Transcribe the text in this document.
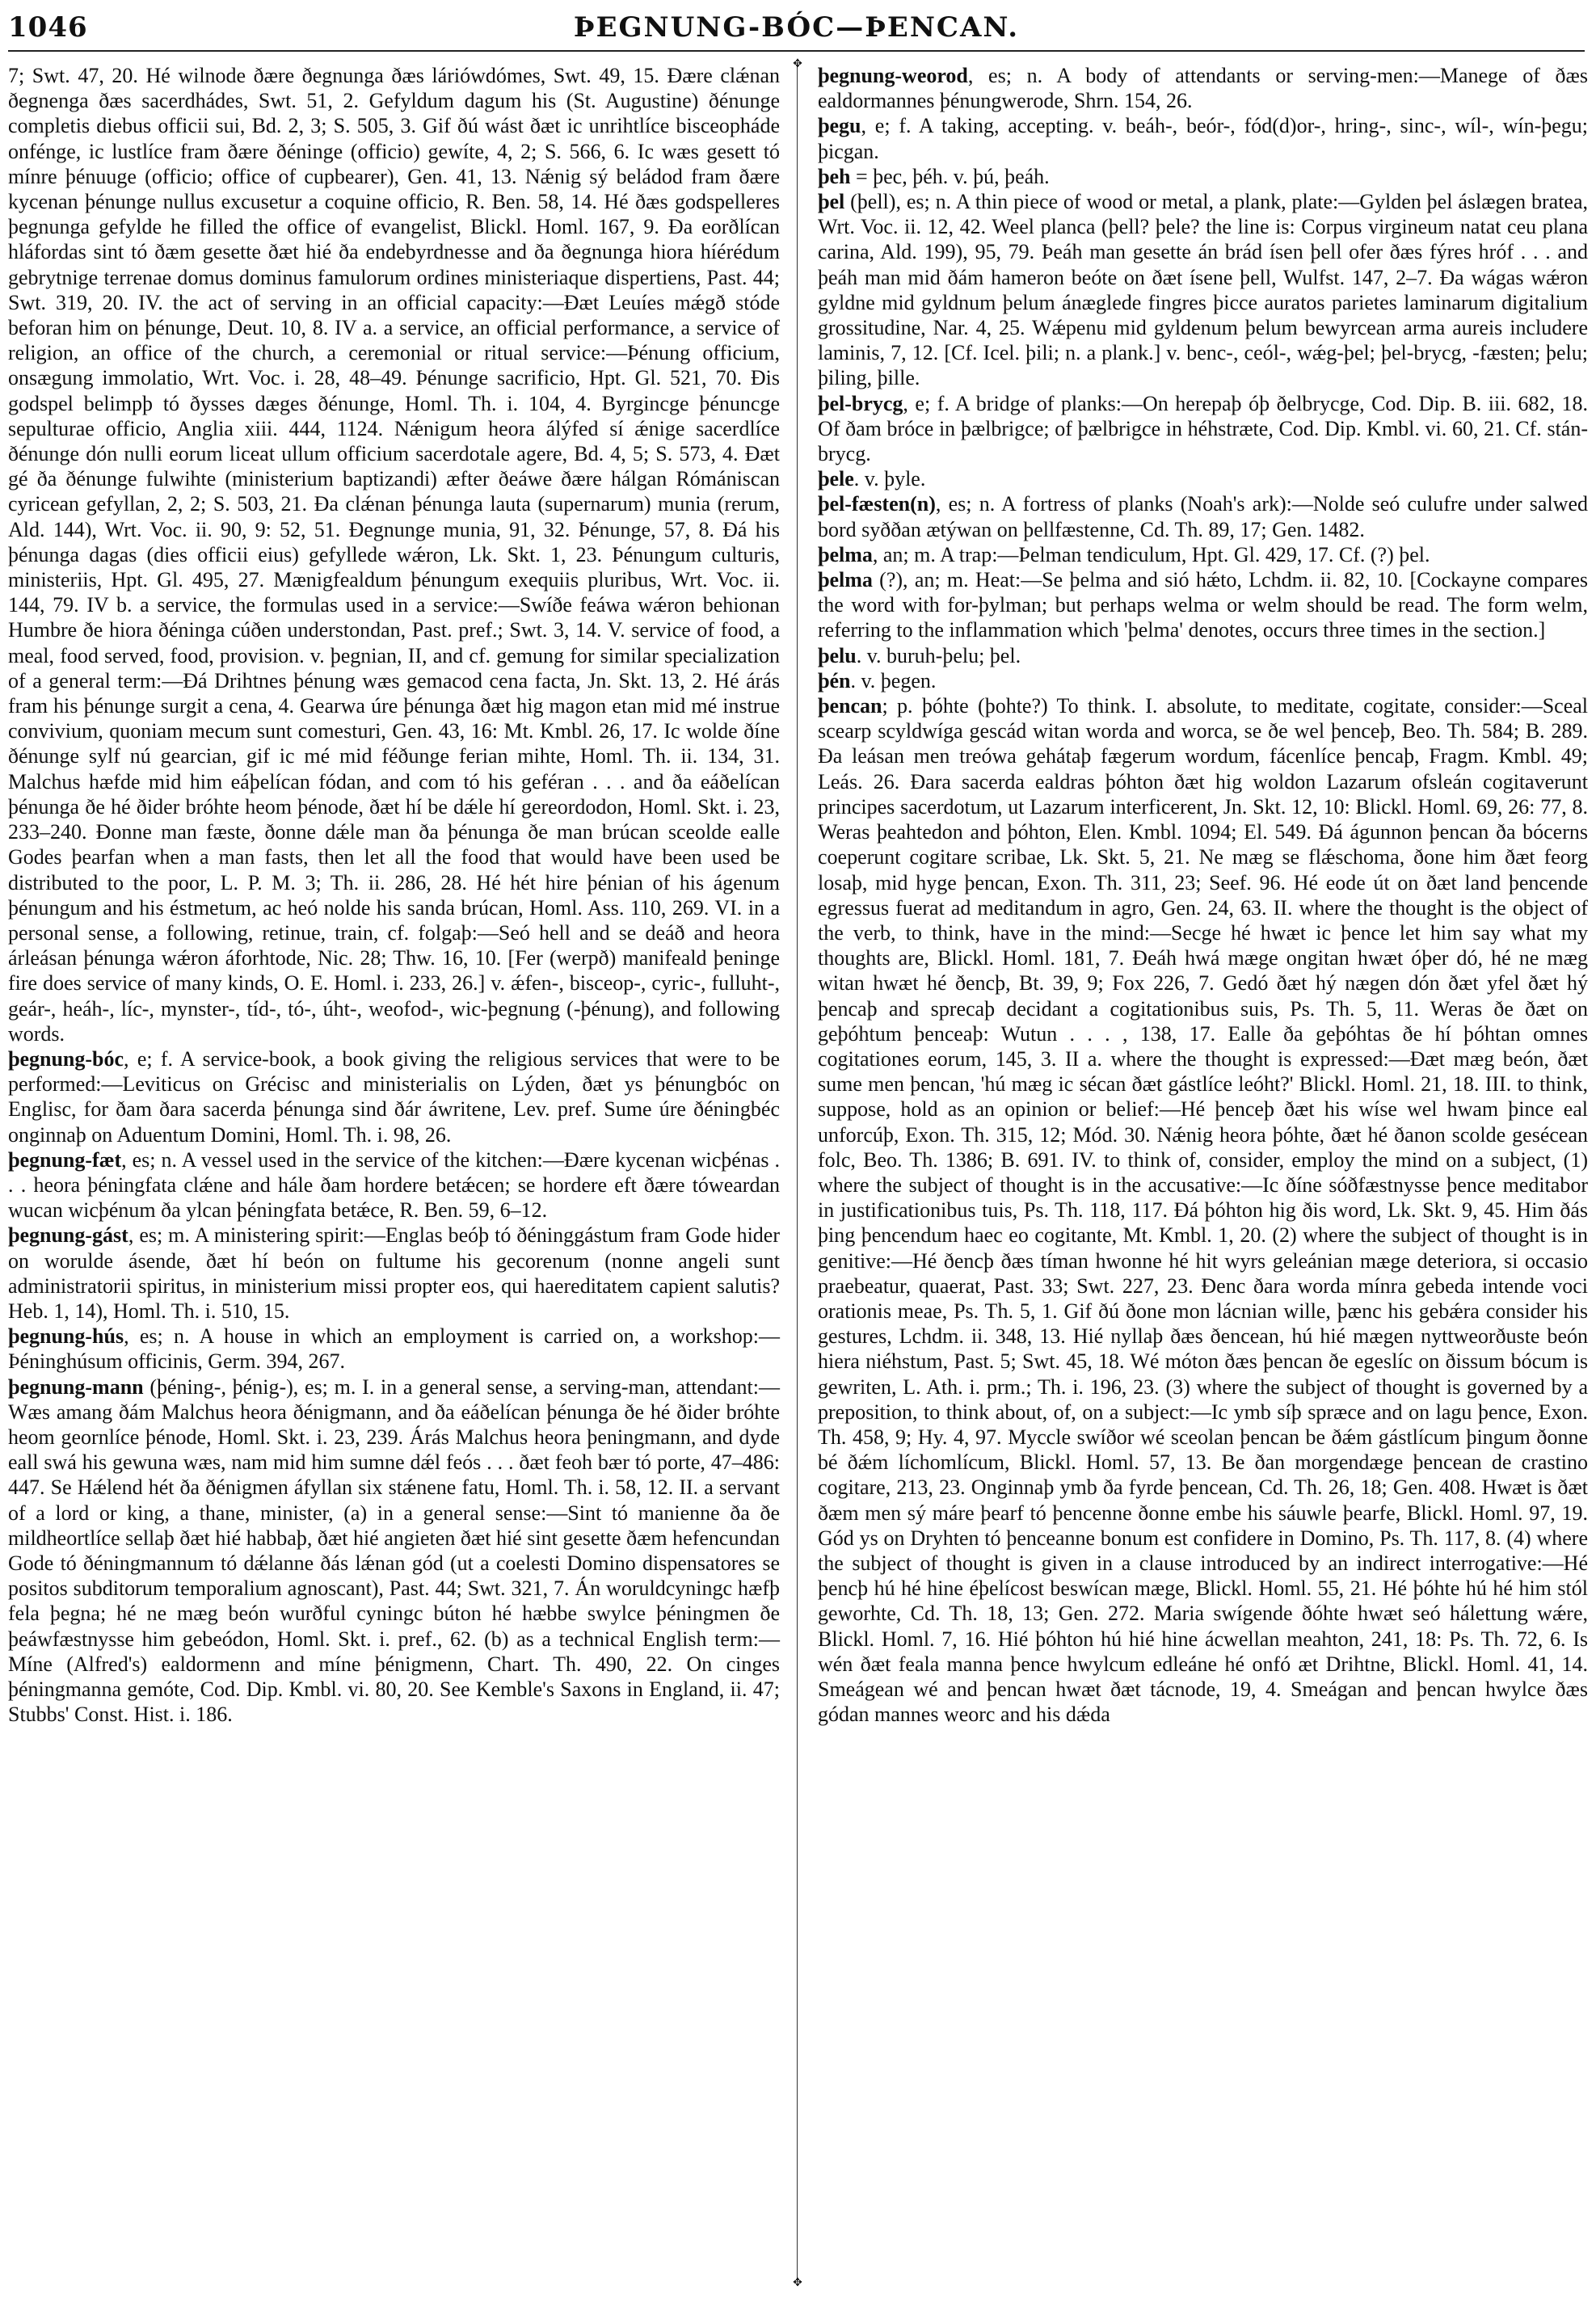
1046	ÞEGNUNG-BÓC—ÞENCAN.
✥
✥

7; Swt. 47, 20. Hé wilnode ðære ðegnunga ðæs láriówdómes, Swt. 49, 15. Ðære clǽnan ðegnenga ðæs sacerdhádes, Swt. 51, 2. Gefyldum dagum his (St. Augustine) ðénunge completis diebus officii sui, Bd. 2, 3; S. 505, 3. Gif ðú wást ðæt ic unrihtlíce bisceophádе onfénge, ic lustlíce fram ðære ðéninge (officio) gewíte, 4, 2; S. 566, 6. Ic wæs gesett tó mínre þénuuge (officio; office of cupbearer), Gen. 41, 13. Nǽnig sý beládod fram ðære kycenan þénunge nullus excusetur a coquine officio, R. Ben. 58, 14. Hé ðæs godspelleres þegnunga gefylde he filled the office of evangelist, Blickl. Homl. 167, 9. Ða eorðlícan hláfordas sint tó ðæm gesette ðæt hié ða endebyrdnesse and ða ðegnunga hiora híérédum gebrytnige terrenae domus dominus famulorum ordines ministeriaque dispertiens, Past. 44; Swt. 319, 20. IV. the act of serving in an official capacity:—Ðæt Leuíes mǽgð stóde beforan him on þénunge, Deut. 10, 8. IV a. a service, an official performance, a service of religion, an office of the church, a ceremonial or ritual service:—Þénung officium, onsægung immolatio, Wrt. Voc. i. 28, 48–49. Þénunge sacrificio, Hpt. Gl. 521, 70. Ðis godspel belimpþ tó ðysses dæges ðénunge, Homl. Th. i. 104, 4. Byrgincge þénuncge sepulturae officio, Anglia xiii. 444, 1124. Nǽnigum heora álýfed sí ǽnige sacerdlíce ðénunge dón nulli eorum liceat ullum officium sacerdotale agere, Bd. 4, 5; S. 573, 4. Ðæt gé ða ðénunge fulwihte (ministerium baptizandi) æfter ðeáwe ðære hálgan Rómániscan cyricean gefyllan, 2, 2; S. 503, 21. Ða clǽnan þénunga lauta (supernarum) munia (rerum, Ald. 144), Wrt. Voc. ii. 90, 9: 52, 51. Ðegnunge munia, 91, 32. Þénunge, 57, 8. Ðá his þénunga dagas (dies officii eius) gefyllede wǽron, Lk. Skt. 1, 23. Þénungum culturis, ministeriis, Hpt. Gl. 495, 27. Mænigfealdum þénungum exequiis pluribus, Wrt. Voc. ii. 144, 79. IV b. a service, the formulas used in a service:—Swíðe feáwa wǽron behionan Humbre ðe hiora ðéninga cúðen understondan, Past. pref.; Swt. 3, 14. V. service of food, a meal, food served, food, provision. v. þegnian, II, and cf. gemung for similar specialization of a general term:—Ðá Drihtnes þénung wæs gemacod cena facta, Jn. Skt. 13, 2. Hé árás fram his þénunge surgit a cena, 4. Gearwa úre þénunga ðæt hig magon etan mid mé instrue convivium, quoniam mecum sunt comesturi, Gen. 43, 16: Mt. Kmbl. 26, 17. Ic wolde ðíne ðénunge sylf nú gearcian, gif ic mé mid féðunge ferian mihte, Homl. Th. ii. 134, 31. Malchus hæfde mid him eáþelícan fódan, and com tó his geféran . . . and ða eáðelícan þénunga ðe hé ðider bróhte heom þénode, ðæt hí be dǽle hí gereordodon, Homl. Skt. i. 23, 233–240. Ðonne man fæste, ðonne dǽle man ða þénunga ðe man brúcan sceolde ealle Godes þearfan when a man fasts, then let all the food that would have been used be distributed to the poor, L. P. M. 3; Th. ii. 286, 28. Hé hét hire þénian of his ágenum þénungum and his éstmetum, ac heó nolde his sanda brúcan, Homl. Ass. 110, 269. VI. in a personal sense, a following, retinue, train, cf. folgaþ:—Seó hell and se deáð and heora árleásan þénunga wǽron áforhtode, Nic. 28; Thw. 16, 10. [Fer (werpð) manifeald þeninge fire does service of many kinds, O. E. Homl. i. 233, 26.] v. ǽfen-, bisceop-, cyric-, fulluht-, geár-, heáh-, líc-, mynster-, tíd-, tó-, úht-, weofod-, wic-þegnung (-þénung), and following words.

þegnung-bóc, e; f. A service-book, a book giving the religious services that were to be performed:—Leviticus on Grécisc and ministerialis on Lýden, ðæt ys þénungbóc on Englisc, for ðam ðara sacerda þénunga sind ðár áwritene, Lev. pref. Sume úre ðéningbéc onginnaþ on Aduentum Domini, Homl. Th. i. 98, 26.

þegnung-fæt, es; n. A vessel used in the service of the kitchen:—Ðære kycenan wicþénas . . . heora þéningfata clǽne and hále ðam hordere betǽcen; se hordere eft ðære tóweardan wucan wicþénum ða ylcan þéningfata betǽce, R. Ben. 59, 6–12.

þegnung-gást, es; m. A ministering spirit:—Englas beóþ tó ðéninggástum fram Gode hider on worulde ásende, ðæt hí beón on fultume his gecorenum (nonne angeli sunt administratorii spiritus, in ministerium missi propter eos, qui haereditatem capient salutis? Heb. 1, 14), Homl. Th. i. 510, 15.

þegnung-hús, es; n. A house in which an employment is carried on, a workshop:—Þéninghúsum officinis, Germ. 394, 267.

þegnung-mann (þéning-, þénig-), es; m. I. in a general sense, a serving-man, attendant:—Wæs amang ðám Malchus heora ðénigmann, and ða eáðelícan þénunga ðe hé ðider bróhte heom geornlíce þénode, Homl. Skt. i. 23, 239. Árás Malchus heora þeningmann, and dyde eall swá his gewuna wæs, nam mid him sumne dǽl feós . . . ðæt feoh bær tó porte, 47–486: 447. Se Hǽlend hét ða ðénigmen áfyllan six stǽnene fatu, Homl. Th. i. 58, 12. II. a servant of a lord or king, a thane, minister, (a) in a general sense:—Sint tó manienne ða ðe mildheortlíce sellaþ ðæt hié habbaþ, ðæt hié angieten ðæt hié sint gesette ðæm hefencundan Gode tó ðéningmannum tó dǽlanne ðás lǽnan gód (ut a coelesti Domino dispensatores se positos subditorum temporalium agnoscant), Past. 44; Swt. 321, 7. Án woruldcyningc hæfþ fela þegna; hé ne mæg beón wurðful cyningc búton hé hæbbe swylce þéningmen ðe þeáwfæstnysse him gebeódon, Homl. Skt. i. pref., 62. (b) as a technical English term:—Míne (Alfred's) ealdormenn and míne þénigmenn, Chart. Th. 490, 22. On cinges þéningmanna gemóte, Cod. Dip. Kmbl. vi. 80, 20. See Kemble's Saxons in England, ii. 47; Stubbs' Const. Hist. i. 186.

þegnung-weorod, es; n. A body of attendants or serving-men:—Manege of ðæs ealdormannes þénungwerode, Shrn. 154, 26.

þegu, e; f. A taking, accepting. v. beáh-, beór-, fód(d)or-, hring-, sinc-, wíl-, wín-þegu; þicgan.

þeh = þec, þéh. v. þú, þeáh.

þel (þell), es; n. A thin piece of wood or metal, a plank, plate:—Gylden þel áslægen bratea, Wrt. Voc. ii. 12, 42. Weel planca (þell? þele? the line is: Corpus virgineum natat ceu plana carina, Ald. 199), 95, 79. Þeáh man gesette án brád ísen þell ofer ðæs fýres hróf . . . and þeáh man mid ðám hameron beóte on ðæt ísene þell, Wulfst. 147, 2–7. Ða wágas wǽron gyldne mid gyldnum þelum ánæglede fingres þicce auratos parietes laminarum digitalium grossitudine, Nar. 4, 25. Wǽpenu mid gyldenum þelum bewyrcean arma aureis includere laminis, 7, 12. [Cf. Icel. þili; n. a plank.] v. benc-, ceól-, wǽg-þel; þel-brycg, -fæsten; þelu; þiling, þille.

þel-brycg, e; f. A bridge of planks:—On herepaþ óþ ðelbrycge, Cod. Dip. B. iii. 682, 18. Of ðam bróce in þælbrigce; of þælbrigce in héhstræte, Cod. Dip. Kmbl. vi. 60, 21. Cf. stán-brycg.

þele. v. þyle.

þel-fæsten(n), es; n. A fortress of planks (Noah's ark):—Nolde seó culufre under salwed bord syððan ætýwan on þellfæstenne, Cd. Th. 89, 17; Gen. 1482.

þelma, an; m. A trap:—Þelman tendiculum, Hpt. Gl. 429, 17. Cf. (?) þel.

þelma (?), an; m. Heat:—Se þelma and sió hǽto, Lchdm. ii. 82, 10. [Cockayne compares the word with for-þylman; but perhaps welma or welm should be read. The form welm, referring to the inflammation which 'þelma' denotes, occurs three times in the section.]

þelu. v. buruh-þelu; þel.

þén. v. þegen.

þencan; p. þóhte (þohte?) To think. I. absolute, to meditate, cogitate, consider:—Sceal scearp scyldwíga gescád witan worda and worca, se ðe wel þenceþ, Beo. Th. 584; B. 289. Ða leásan men treówa gehátaþ fægerum wordum, fácenlíce þencaþ, Fragm. Kmbl. 49; Leás. 26. Ðara sacerda ealdras þóhton ðæt hig woldon Lazarum ofsleán cogitaverunt principes sacerdotum, ut Lazarum interficerent, Jn. Skt. 12, 10: Blickl. Homl. 69, 26: 77, 8. Weras þeahtedon and þóhton, Elen. Kmbl. 1094; El. 549. Ðá águnnon þencan ða bócerns coeperunt cogitare scribae, Lk. Skt. 5, 21. Ne mæg se flǽschoma, ðone him ðæt feorg losaþ, mid hyge þencan, Exon. Th. 311, 23; Seef. 96. Hé eode út on ðæt land þencende egressus fuerat ad meditandum in agro, Gen. 24, 63. II. where the thought is the object of the verb, to think, have in the mind:—Secge hé hwæt ic þence let him say what my thoughts are, Blickl. Homl. 181, 7. Ðeáh hwá mæge ongitan hwæt óþer dó, hé ne mæg witan hwæt hé ðencþ, Bt. 39, 9; Fox 226, 7. Gedó ðæt hý nægen dón ðæt yfel ðæt hý þencaþ and sprecaþ decidant a cogitationibus suis, Ps. Th. 5, 11. Weras ðe ðæt on geþóhtum þenceaþ: Wutun . . . , 138, 17. Ealle ða geþóhtas ðe hí þóhtan omnes cogitationes eorum, 145, 3. II a. where the thought is expressed:—Ðæt mæg beón, ðæt sume men þencan, 'hú mæg ic sécan ðæt gástlíce leóht?' Blickl. Homl. 21, 18. III. to think, suppose, hold as an opinion or belief:—Hé þenceþ ðæt his wíse wel hwam þince eal unforcúþ, Exon. Th. 315, 12; Mód. 30. Nǽnig heora þóhte, ðæt hé ðanon scolde gesécean folc, Beo. Th. 1386; B. 691. IV. to think of, consider, employ the mind on a subject, (1) where the subject of thought is in the accusative:—Ic ðíne sóðfæstnysse þence meditabor in justificationibus tuis, Ps. Th. 118, 117. Ðá þóhton hig ðis word, Lk. Skt. 9, 45. Him ðás þing þencendum haec eo cogitante, Mt. Kmbl. 1, 20. (2) where the subject of thought is in genitive:—Hé ðencþ ðæs tíman hwonne hé hit wyrs geleánian mæge deteriora, si occasio praebeatur, quaerat, Past. 33; Swt. 227, 23. Ðenc ðara worda mínra gebeda intende voci orationis meae, Ps. Th. 5, 1. Gif ðú ðone mon lácnian wille, þænc his gebǽra consider his gestures, Lchdm. ii. 348, 13. Hié nyllaþ ðæs ðencean, hú hié mægen nyttweorðuste beón hiera niéhstum, Past. 5; Swt. 45, 18. Wé móton ðæs þencan ðe egeslíc on ðissum bócum is gewriten, L. Ath. i. prm.; Th. i. 196, 23. (3) where the subject of thought is governed by a preposition, to think about, of, on a subject:—Ic ymb síþ spræce and on lagu þence, Exon. Th. 458, 9; Hy. 4, 97. Myccle swíðor wé sceolan þencan be ðǽm gástlícum þingum ðonne bé ðǽm líchomlícum, Blickl. Homl. 57, 13. Be ðan morgendæge þencean de crastino cogitare, 213, 23. Onginnaþ ymb ða fyrde þencean, Cd. Th. 26, 18; Gen. 408. Hwæt is ðæt ðæm men sý máre þearf tó þencenne ðonne embe his sáuwle þearfe, Blickl. Homl. 97, 19. Gód ys on Dryhten tó þenceanne bonum est confidere in Domino, Ps. Th. 117, 8. (4) where the subject of thought is given in a clause introduced by an indirect interrogative:—Hé þencþ hú hé hine éþelícost beswícan mæge, Blickl. Homl. 55, 21. Hé þóhte hú hé him stól geworhte, Cd. Th. 18, 13; Gen. 272. Maria swígende ðóhte hwæt seó hálettung wǽre, Blickl. Homl. 7, 16. Hié þóhton hú hié hine ácwellan meahton, 241, 18: Ps. Th. 72, 6. Is wén ðæt feala manna þence hwylcum edleáne hé onfó æt Drihtne, Blickl. Homl. 41, 14. Smeágean wé and þencan hwæt ðæt tácnode, 19, 4. Smeágan and þencan hwylce ðæs gódan mannes weorc and his dǽda
